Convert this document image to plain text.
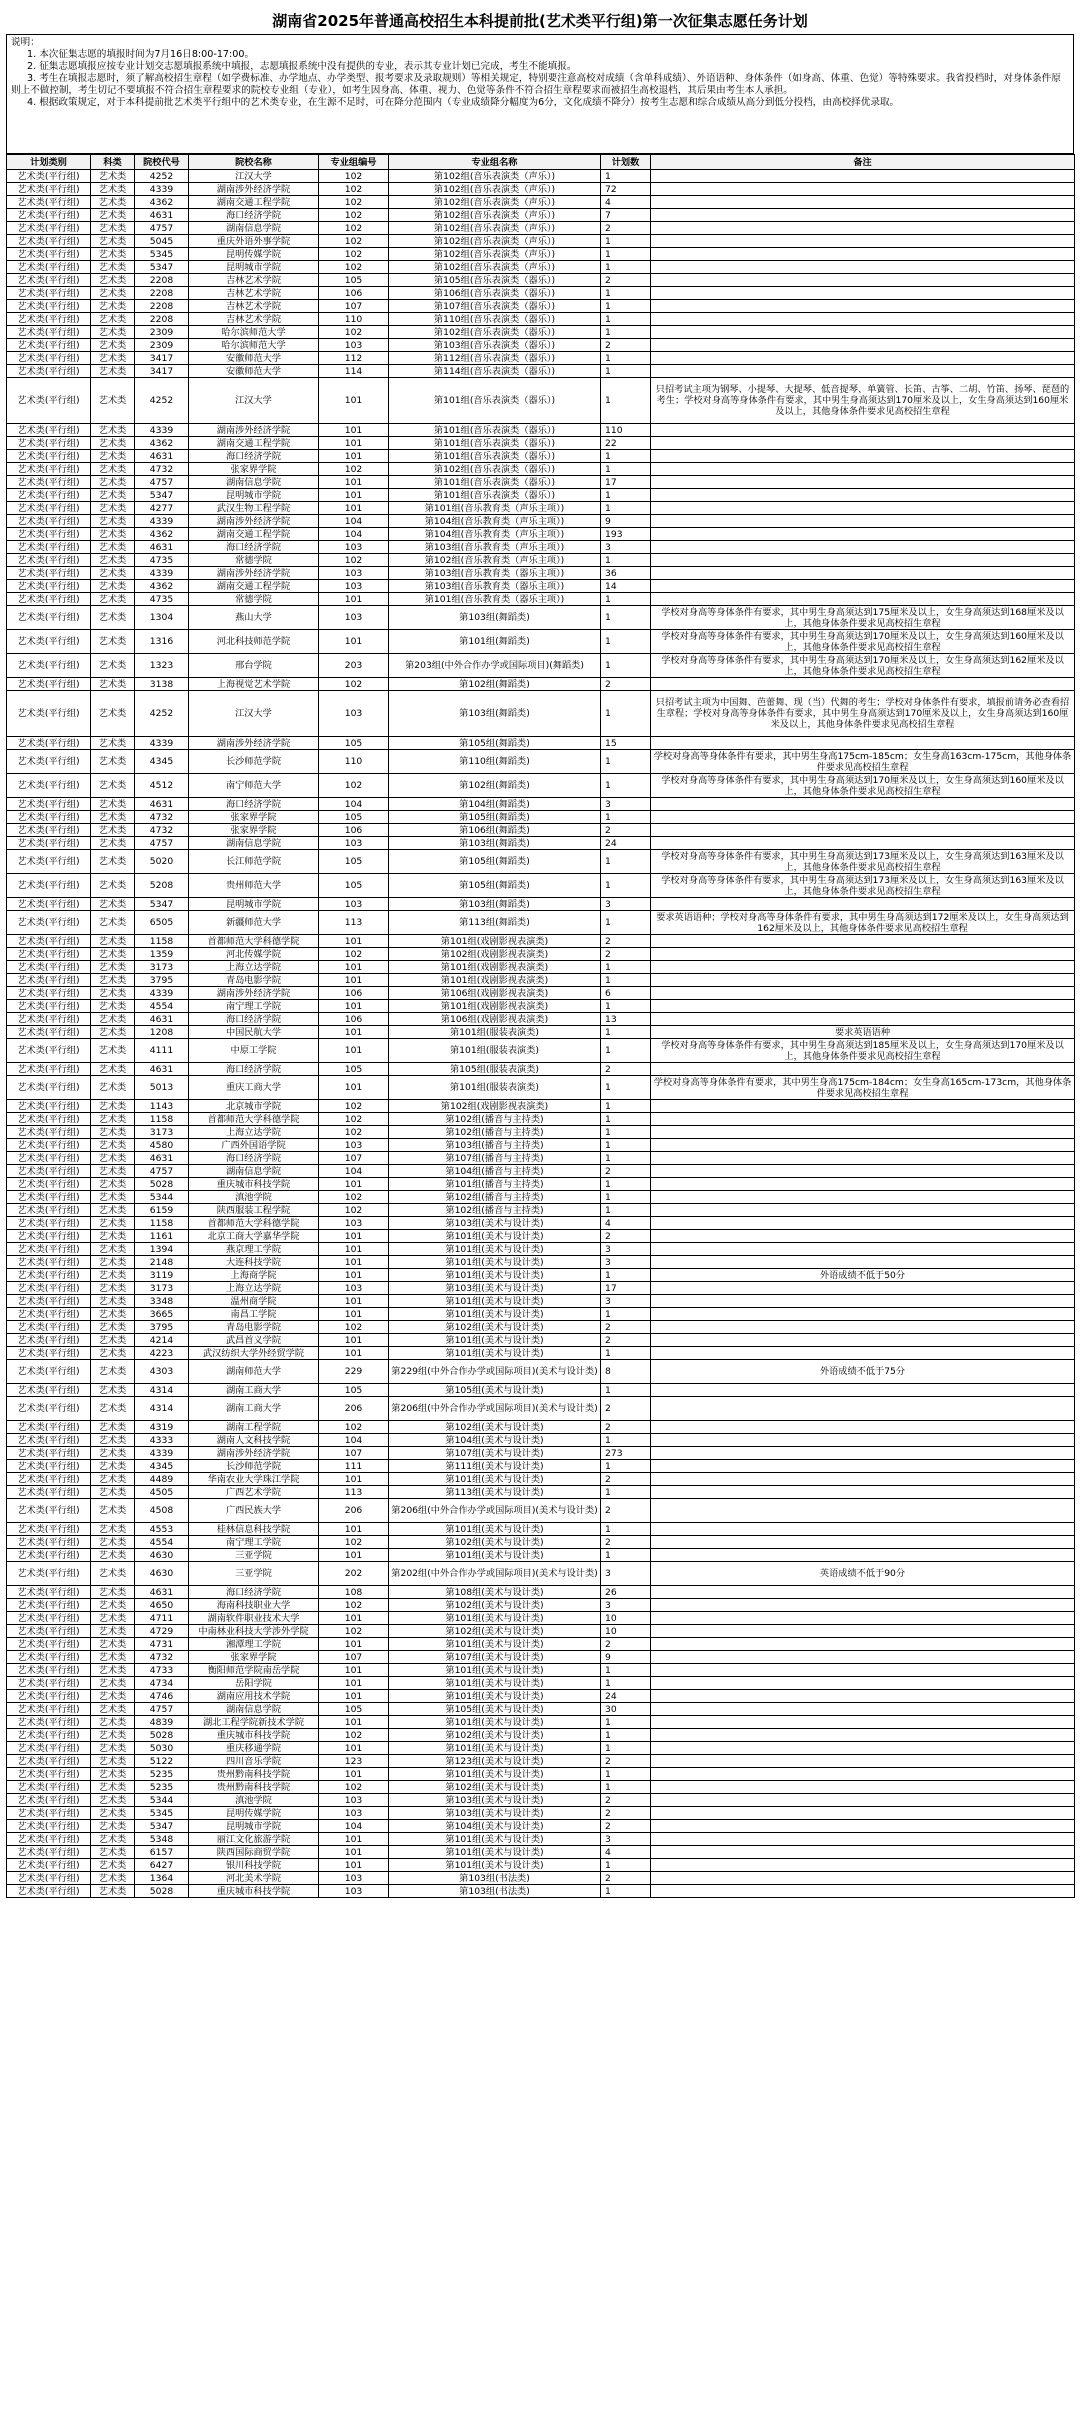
湖南省2025年普通高校招生本科提前批(艺术类平行组)第一次征集志愿任务计划

说明：

1. 本次征集志愿的填报时间为7月16日8:00-17:00。

2. 征集志愿填报应按专业计划交志愿填报系统中填报，志愿填报系统中没有提供的专业，表示其专业计划已完成，考生不能填报。

3. 考生在填报志愿时，须了解高校招生章程（如学费标准、办学地点、办学类型、报考要求及录取规则）等相关规定，特别要注意高校对成绩（含单科成绩）、外语语种、身体条件（如身高、体重、色觉）等特殊要求。我省投档时，对身体条件原则上不做控制，考生切记不要填报不符合招生章程要求的院校专业组（专业），如考生因身高、体重、视力、色觉等条件不符合招生章程要求而被招生高校退档，其后果由考生本人承担。

4. 根据政策规定，对于本科提前批艺术类平行组中的艺术类专业，在生源不足时，可在降分范围内（专业成绩降分幅度为6分，文化成绩不降分）按考生志愿和综合成绩从高分到低分投档，由高校择优录取。

计划类别	科类	院校代号	院校名称	专业组编号	专业组名称	计划数	备注
艺术类(平行组)	艺术类	4252	江汉大学	102	第102组(音乐表演类（声乐）)	1	
艺术类(平行组)	艺术类	4339	湖南涉外经济学院	102	第102组(音乐表演类（声乐）)	72	
艺术类(平行组)	艺术类	4362	湖南交通工程学院	102	第102组(音乐表演类（声乐）)	4	
艺术类(平行组)	艺术类	4631	海口经济学院	102	第102组(音乐表演类（声乐）)	7	
艺术类(平行组)	艺术类	4757	湖南信息学院	102	第102组(音乐表演类（声乐）)	2	
艺术类(平行组)	艺术类	5045	重庆外语外事学院	102	第102组(音乐表演类（声乐）)	1	
艺术类(平行组)	艺术类	5345	昆明传媒学院	102	第102组(音乐表演类（声乐）)	1	
艺术类(平行组)	艺术类	5347	昆明城市学院	102	第102组(音乐表演类（声乐）)	1	
艺术类(平行组)	艺术类	2208	吉林艺术学院	105	第105组(音乐表演类（器乐）)	2	
艺术类(平行组)	艺术类	2208	吉林艺术学院	106	第106组(音乐表演类（器乐）)	1	
艺术类(平行组)	艺术类	2208	吉林艺术学院	107	第107组(音乐表演类（器乐）)	1	
艺术类(平行组)	艺术类	2208	吉林艺术学院	110	第110组(音乐表演类（器乐）)	1	
艺术类(平行组)	艺术类	2309	哈尔滨师范大学	102	第102组(音乐表演类（器乐）)	1	
艺术类(平行组)	艺术类	2309	哈尔滨师范大学	103	第103组(音乐表演类（器乐）)	2	
艺术类(平行组)	艺术类	3417	安徽师范大学	112	第112组(音乐表演类（器乐）)	1	
艺术类(平行组)	艺术类	3417	安徽师范大学	114	第114组(音乐表演类（器乐）)	1	
艺术类(平行组)	艺术类	4252	江汉大学	101	第101组(音乐表演类（器乐）)	1	只招考试主项为钢琴、小提琴、大提琴、低音提琴、单簧管、长笛、古筝、二胡、竹笛、扬琴、琵琶的考生；学校对身高等身体条件有要求，其中男生身高须达到170厘米及以上，女生身高须达到160厘米及以上，其他身体条件要求见高校招生章程
艺术类(平行组)	艺术类	4339	湖南涉外经济学院	101	第101组(音乐表演类（器乐）)	110	
艺术类(平行组)	艺术类	4362	湖南交通工程学院	101	第101组(音乐表演类（器乐）)	22	
艺术类(平行组)	艺术类	4631	海口经济学院	101	第101组(音乐表演类（器乐）)	1	
艺术类(平行组)	艺术类	4732	张家界学院	102	第102组(音乐表演类（器乐）)	1	
艺术类(平行组)	艺术类	4757	湖南信息学院	101	第101组(音乐表演类（器乐）)	17	
艺术类(平行组)	艺术类	5347	昆明城市学院	101	第101组(音乐表演类（器乐）)	1	
艺术类(平行组)	艺术类	4277	武汉生物工程学院	101	第101组(音乐教育类（声乐主项）)	1	
艺术类(平行组)	艺术类	4339	湖南涉外经济学院	104	第104组(音乐教育类（声乐主项）)	9	
艺术类(平行组)	艺术类	4362	湖南交通工程学院	104	第104组(音乐教育类（声乐主项）)	193	
艺术类(平行组)	艺术类	4631	海口经济学院	103	第103组(音乐教育类（声乐主项）)	3	
艺术类(平行组)	艺术类	4735	常德学院	102	第102组(音乐教育类（声乐主项）)	1	
艺术类(平行组)	艺术类	4339	湖南涉外经济学院	103	第103组(音乐教育类（器乐主项）)	36	
艺术类(平行组)	艺术类	4362	湖南交通工程学院	103	第103组(音乐教育类（器乐主项）)	14	
艺术类(平行组)	艺术类	4735	常德学院	101	第101组(音乐教育类（器乐主项）)	1	
艺术类(平行组)	艺术类	1304	燕山大学	103	第103组(舞蹈类)	1	学校对身高等身体条件有要求，其中男生身高须达到175厘米及以上，女生身高须达到168厘米及以上，其他身体条件要求见高校招生章程
艺术类(平行组)	艺术类	1316	河北科技师范学院	101	第101组(舞蹈类)	1	学校对身高等身体条件有要求，其中男生身高须达到170厘米及以上，女生身高须达到160厘米及以上，其他身体条件要求见高校招生章程
艺术类(平行组)	艺术类	1323	邢台学院	203	第203组(中外合作办学或国际项目)(舞蹈类)	1	学校对身高等身体条件有要求，其中男生身高须达到170厘米及以上，女生身高须达到162厘米及以上，其他身体条件要求见高校招生章程
艺术类(平行组)	艺术类	3138	上海视觉艺术学院	102	第102组(舞蹈类)	2	
艺术类(平行组)	艺术类	4252	江汉大学	103	第103组(舞蹈类)	1	只招考试主项为中国舞、芭蕾舞、现（当）代舞的考生；学校对身体条件有要求，填报前请务必查看招生章程；学校对身高等身体条件有要求，其中男生身高须达到170厘米及以上，女生身高须达到160厘米及以上，其他身体条件要求见高校招生章程
艺术类(平行组)	艺术类	4339	湖南涉外经济学院	105	第105组(舞蹈类)	15	
艺术类(平行组)	艺术类	4345	长沙师范学院	110	第110组(舞蹈类)	1	学校对身高等身体条件有要求，其中男生身高175cm-185cm；女生身高163cm-175cm，其他身体条件要求见高校招生章程
艺术类(平行组)	艺术类	4512	南宁师范大学	102	第102组(舞蹈类)	1	学校对身高等身体条件有要求，其中男生身高须达到170厘米及以上，女生身高须达到160厘米及以上，其他身体条件要求见高校招生章程
艺术类(平行组)	艺术类	4631	海口经济学院	104	第104组(舞蹈类)	3	
艺术类(平行组)	艺术类	4732	张家界学院	105	第105组(舞蹈类)	1	
艺术类(平行组)	艺术类	4732	张家界学院	106	第106组(舞蹈类)	2	
艺术类(平行组)	艺术类	4757	湖南信息学院	103	第103组(舞蹈类)	24	
艺术类(平行组)	艺术类	5020	长江师范学院	105	第105组(舞蹈类)	1	学校对身高等身体条件有要求，其中男生身高须达到173厘米及以上，女生身高须达到163厘米及以上，其他身体条件要求见高校招生章程
艺术类(平行组)	艺术类	5208	贵州师范大学	105	第105组(舞蹈类)	1	学校对身高等身体条件有要求，其中男生身高须达到173厘米及以上，女生身高须达到163厘米及以上，其他身体条件要求见高校招生章程
艺术类(平行组)	艺术类	5347	昆明城市学院	103	第103组(舞蹈类)	3	
艺术类(平行组)	艺术类	6505	新疆师范大学	113	第113组(舞蹈类)	1	要求英语语种；学校对身高等身体条件有要求，其中男生身高须达到172厘米及以上，女生身高须达到162厘米及以上，其他身体条件要求见高校招生章程
艺术类(平行组)	艺术类	1158	首都师范大学科德学院	101	第101组(戏剧影视表演类)	2	
艺术类(平行组)	艺术类	1359	河北传媒学院	102	第102组(戏剧影视表演类)	2	
艺术类(平行组)	艺术类	3173	上海立达学院	101	第101组(戏剧影视表演类)	1	
艺术类(平行组)	艺术类	3795	青岛电影学院	101	第101组(戏剧影视表演类)	1	
艺术类(平行组)	艺术类	4339	湖南涉外经济学院	106	第106组(戏剧影视表演类)	6	
艺术类(平行组)	艺术类	4554	南宁理工学院	101	第101组(戏剧影视表演类)	1	
艺术类(平行组)	艺术类	4631	海口经济学院	106	第106组(戏剧影视表演类)	13	
艺术类(平行组)	艺术类	1208	中国民航大学	101	第101组(服装表演类)	1	要求英语语种
艺术类(平行组)	艺术类	4111	中原工学院	101	第101组(服装表演类)	1	学校对身高等身体条件有要求，其中男生身高须达到185厘米及以上，女生身高须达到170厘米及以上，其他身体条件要求见高校招生章程
艺术类(平行组)	艺术类	4631	海口经济学院	105	第105组(服装表演类)	2	
艺术类(平行组)	艺术类	5013	重庆工商大学	101	第101组(服装表演类)	1	学校对身高等身体条件有要求，其中男生身高175cm-184cm；女生身高165cm-173cm，其他身体条件要求见高校招生章程
艺术类(平行组)	艺术类	1143	北京城市学院	102	第102组(戏剧影视表演类)	1	
艺术类(平行组)	艺术类	1158	首都师范大学科德学院	102	第102组(播音与主持类)	1	
艺术类(平行组)	艺术类	3173	上海立达学院	102	第102组(播音与主持类)	1	
艺术类(平行组)	艺术类	4580	广西外国语学院	103	第103组(播音与主持类)	1	
艺术类(平行组)	艺术类	4631	海口经济学院	107	第107组(播音与主持类)	1	
艺术类(平行组)	艺术类	4757	湖南信息学院	104	第104组(播音与主持类)	2	
艺术类(平行组)	艺术类	5028	重庆城市科技学院	101	第101组(播音与主持类)	1	
艺术类(平行组)	艺术类	5344	滇池学院	102	第102组(播音与主持类)	1	
艺术类(平行组)	艺术类	6159	陕西服装工程学院	102	第102组(播音与主持类)	1	
艺术类(平行组)	艺术类	1158	首都师范大学科德学院	103	第103组(美术与设计类)	4	
艺术类(平行组)	艺术类	1161	北京工商大学嘉华学院	101	第101组(美术与设计类)	2	
艺术类(平行组)	艺术类	1394	燕京理工学院	101	第101组(美术与设计类)	3	
艺术类(平行组)	艺术类	2148	大连科技学院	101	第101组(美术与设计类)	3	
艺术类(平行组)	艺术类	3119	上海商学院	101	第101组(美术与设计类)	1	外语成绩不低于50分
艺术类(平行组)	艺术类	3173	上海立达学院	103	第103组(美术与设计类)	17	
艺术类(平行组)	艺术类	3348	温州商学院	101	第101组(美术与设计类)	3	
艺术类(平行组)	艺术类	3665	南昌工学院	101	第101组(美术与设计类)	1	
艺术类(平行组)	艺术类	3795	青岛电影学院	102	第102组(美术与设计类)	2	
艺术类(平行组)	艺术类	4214	武昌首义学院	101	第101组(美术与设计类)	2	
艺术类(平行组)	艺术类	4223	武汉纺织大学外经贸学院	101	第101组(美术与设计类)	1	
艺术类(平行组)	艺术类	4303	湖南师范大学	229	第229组(中外合作办学或国际项目)(美术与设计类)	8	外语成绩不低于75分
艺术类(平行组)	艺术类	4314	湖南工商大学	105	第105组(美术与设计类)	1	
艺术类(平行组)	艺术类	4314	湖南工商大学	206	第206组(中外合作办学或国际项目)(美术与设计类)	2	
艺术类(平行组)	艺术类	4319	湖南工程学院	102	第102组(美术与设计类)	2	
艺术类(平行组)	艺术类	4333	湖南人文科技学院	104	第104组(美术与设计类)	1	
艺术类(平行组)	艺术类	4339	湖南涉外经济学院	107	第107组(美术与设计类)	273	
艺术类(平行组)	艺术类	4345	长沙师范学院	111	第111组(美术与设计类)	1	
艺术类(平行组)	艺术类	4489	华南农业大学珠江学院	101	第101组(美术与设计类)	2	
艺术类(平行组)	艺术类	4505	广西艺术学院	113	第113组(美术与设计类)	1	
艺术类(平行组)	艺术类	4508	广西民族大学	206	第206组(中外合作办学或国际项目)(美术与设计类)	2	
艺术类(平行组)	艺术类	4553	桂林信息科技学院	101	第101组(美术与设计类)	1	
艺术类(平行组)	艺术类	4554	南宁理工学院	102	第102组(美术与设计类)	2	
艺术类(平行组)	艺术类	4630	三亚学院	101	第101组(美术与设计类)	1	
艺术类(平行组)	艺术类	4630	三亚学院	202	第202组(中外合作办学或国际项目)(美术与设计类)	3	英语成绩不低于90分
艺术类(平行组)	艺术类	4631	海口经济学院	108	第108组(美术与设计类)	26	
艺术类(平行组)	艺术类	4650	海南科技职业大学	102	第102组(美术与设计类)	3	
艺术类(平行组)	艺术类	4711	湖南软件职业技术大学	101	第101组(美术与设计类)	10	
艺术类(平行组)	艺术类	4729	中南林业科技大学涉外学院	102	第102组(美术与设计类)	10	
艺术类(平行组)	艺术类	4731	湘潭理工学院	101	第101组(美术与设计类)	2	
艺术类(平行组)	艺术类	4732	张家界学院	107	第107组(美术与设计类)	9	
艺术类(平行组)	艺术类	4733	衡阳师范学院南岳学院	101	第101组(美术与设计类)	1	
艺术类(平行组)	艺术类	4734	岳阳学院	101	第101组(美术与设计类)	1	
艺术类(平行组)	艺术类	4746	湖南应用技术学院	101	第101组(美术与设计类)	24	
艺术类(平行组)	艺术类	4757	湖南信息学院	105	第105组(美术与设计类)	30	
艺术类(平行组)	艺术类	4839	湖北工程学院新技术学院	101	第101组(美术与设计类)	1	
艺术类(平行组)	艺术类	5028	重庆城市科技学院	102	第102组(美术与设计类)	1	
艺术类(平行组)	艺术类	5030	重庆移通学院	101	第101组(美术与设计类)	1	
艺术类(平行组)	艺术类	5122	四川音乐学院	123	第123组(美术与设计类)	2	
艺术类(平行组)	艺术类	5235	贵州黔南科技学院	101	第101组(美术与设计类)	1	
艺术类(平行组)	艺术类	5235	贵州黔南科技学院	102	第102组(美术与设计类)	1	
艺术类(平行组)	艺术类	5344	滇池学院	103	第103组(美术与设计类)	2	
艺术类(平行组)	艺术类	5345	昆明传媒学院	103	第103组(美术与设计类)	2	
艺术类(平行组)	艺术类	5347	昆明城市学院	104	第104组(美术与设计类)	2	
艺术类(平行组)	艺术类	5348	丽江文化旅游学院	101	第101组(美术与设计类)	3	
艺术类(平行组)	艺术类	6157	陕西国际商贸学院	101	第101组(美术与设计类)	4	
艺术类(平行组)	艺术类	6427	银川科技学院	101	第101组(美术与设计类)	1	
艺术类(平行组)	艺术类	1364	河北美术学院	103	第103组(书法类)	2	
艺术类(平行组)	艺术类	5028	重庆城市科技学院	103	第103组(书法类)	1	
